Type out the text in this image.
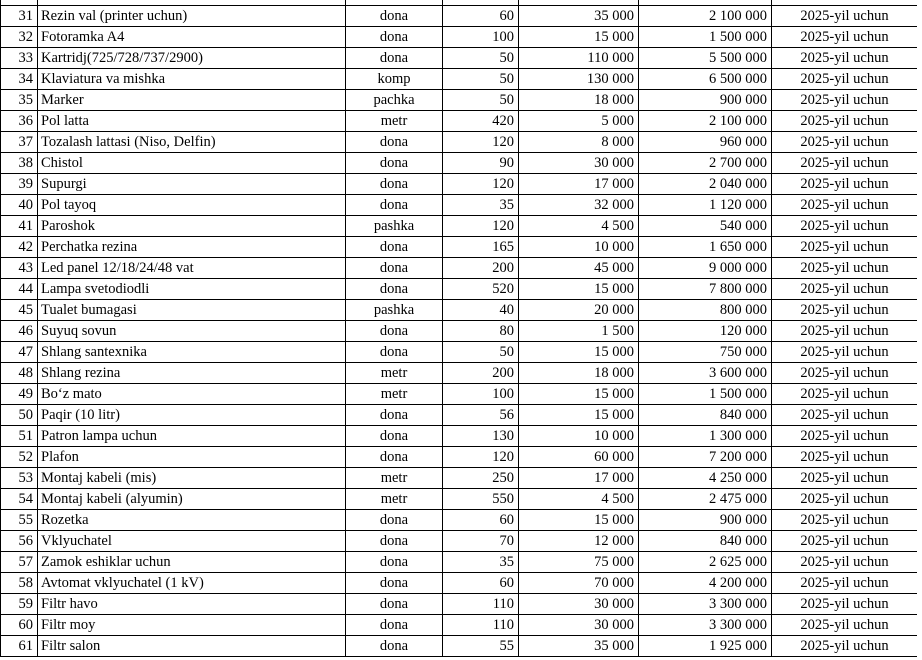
31	Rezin val (printer uchun)	dona	60	35 000	2 100 000	2025-yil uchun
32	Fotoramka A4	dona	100	15 000	1 500 000	2025-yil uchun
33	Kartridj(725/728/737/2900)	dona	50	110 000	5 500 000	2025-yil uchun
34	Klaviatura va mishka	komp	50	130 000	6 500 000	2025-yil uchun
35	Marker	pachka	50	18 000	900 000	2025-yil uchun
36	Pol latta	metr	420	5 000	2 100 000	2025-yil uchun
37	Tozalash lattasi (Niso, Delfin)	dona	120	8 000	960 000	2025-yil uchun
38	Chistol	dona	90	30 000	2 700 000	2025-yil uchun
39	Supurgi	dona	120	17 000	2 040 000	2025-yil uchun
40	Pol tayoq	dona	35	32 000	1 120 000	2025-yil uchun
41	Paroshok	pashka	120	4 500	540 000	2025-yil uchun
42	Perchatka rezina	dona	165	10 000	1 650 000	2025-yil uchun
43	Led panel 12/18/24/48 vat	dona	200	45 000	9 000 000	2025-yil uchun
44	Lampa svetodiodli	dona	520	15 000	7 800 000	2025-yil uchun
45	Tualet bumagasi	pashka	40	20 000	800 000	2025-yil uchun
46	Suyuq sovun	dona	80	1 500	120 000	2025-yil uchun
47	Shlang santexnika	dona	50	15 000	750 000	2025-yil uchun
48	Shlang rezina	metr	200	18 000	3 600 000	2025-yil uchun
49	Bo‘z mato	metr	100	15 000	1 500 000	2025-yil uchun
50	Paqir (10 litr)	dona	56	15 000	840 000	2025-yil uchun
51	Patron lampa uchun	dona	130	10 000	1 300 000	2025-yil uchun
52	Plafon	dona	120	60 000	7 200 000	2025-yil uchun
53	Montaj kabeli (mis)	metr	250	17 000	4 250 000	2025-yil uchun
54	Montaj kabeli (alyumin)	metr	550	4 500	2 475 000	2025-yil uchun
55	Rozetka	dona	60	15 000	900 000	2025-yil uchun
56	Vklyuchatel	dona	70	12 000	840 000	2025-yil uchun
57	Zamok eshiklar uchun	dona	35	75 000	2 625 000	2025-yil uchun
58	Avtomat vklyuchatel (1 kV)	dona	60	70 000	4 200 000	2025-yil uchun
59	Filtr havo	dona	110	30 000	3 300 000	2025-yil uchun
60	Filtr moy	dona	110	30 000	3 300 000	2025-yil uchun
61	Filtr salon	dona	55	35 000	1 925 000	2025-yil uchun
